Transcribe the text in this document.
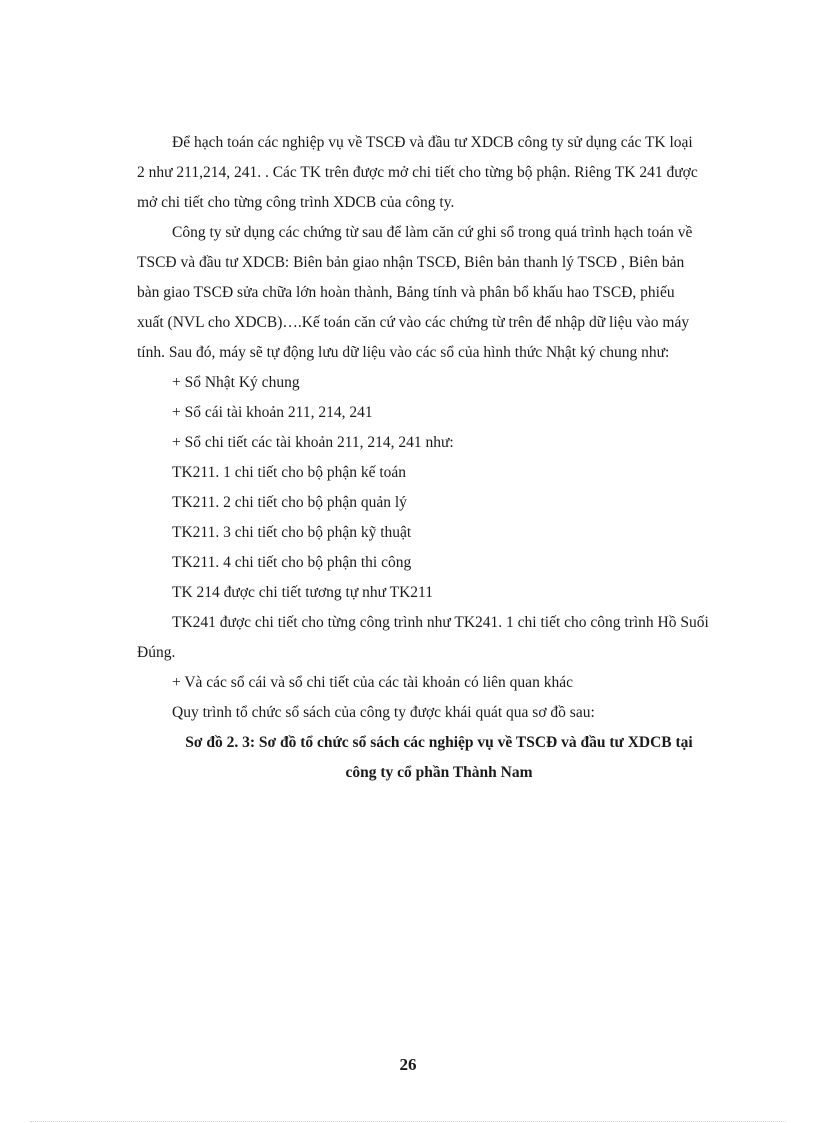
Để hạch toán các nghiệp vụ về TSCĐ và đầu tư XDCB công ty sử dụng các TK loại
2 như 211,214, 241. . Các TK trên được mở chi tiết cho từng bộ phận. Riêng TK 241 được
mở chi tiết cho từng công trình XDCB của công ty.
Công ty sử dụng các chứng từ sau để làm căn cứ ghi sổ trong quá trình hạch toán về
TSCĐ và đầu tư XDCB: Biên bản giao nhận TSCĐ, Biên bản thanh lý TSCĐ , Biên bản
bàn giao TSCĐ sửa chữa lớn hoàn thành, Bảng tính và phân bổ khấu hao TSCĐ, phiếu
xuất (NVL cho XDCB)….Kế toán căn cứ vào các chứng từ trên để nhập dữ liệu vào máy
tính. Sau đó, máy sẽ tự động lưu dữ liệu vào các sổ của hình thức Nhật ký chung như:
+ Sổ Nhật Ký chung
+ Sổ cái tài khoản 211, 214, 241
+ Sổ chi tiết các tài khoản 211, 214, 241 như:
TK211. 1 chi tiết cho bộ phận kế toán
TK211. 2 chi tiết cho bộ phận quản lý
TK211. 3 chi tiết cho bộ phận kỹ thuật
TK211. 4 chi tiết cho bộ phận thi công
TK 214 được chi tiết tương tự như TK211
TK241 được chi tiết cho từng công trình như TK241. 1 chi tiết cho công trình Hồ Suối
Đúng.
+ Và các sổ cái và sổ chi tiết của các tài khoản có liên quan khác
Quy trình tổ chức sổ sách của công ty được khái quát qua sơ đồ sau:
Sơ đồ 2. 3: Sơ đồ tổ chức sổ sách các nghiệp vụ về TSCĐ và đầu tư XDCB tại
công ty cổ phần Thành Nam
26
